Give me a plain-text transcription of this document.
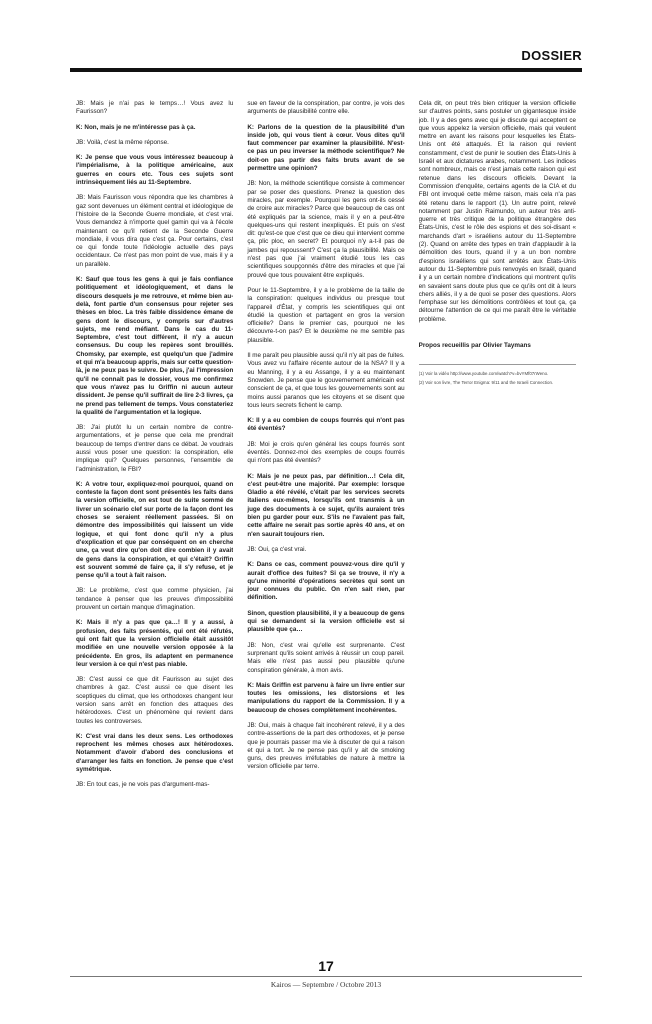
DOSSIER

JB: Mais je n'ai pas le temps…! Vous avez lu Faurisson?

K: Non, mais je ne m'intéresse pas à ça.

JB: Voilà, c'est la même réponse.

K: Je pense que vous vous intéressez beaucoup à l'impérialisme, à la politique américaine, aux guerres en cours etc. Tous ces sujets sont intrinsèquement liés au 11-Septembre.

JB: Mais Faurisson vous répondra que les chambres à gaz sont devenues un élément central et idéologique de l'histoire de la Seconde Guerre mondiale, et c'est vrai. Vous demandez à n'importe quel gamin qui va à l'école maintenant ce qu'il retient de la Seconde Guerre mondiale, il vous dira que c'est ça. Pour certains, c'est ce qui fonde toute l'idéologie actuelle des pays occidentaux. Ce n'est pas mon point de vue, mais il y a un parallèle.

K: Sauf que tous les gens à qui je fais confiance politiquement et idéologiquement, et dans le discours desquels je me retrouve, et même bien au-delà, font partie d'un consensus pour rejeter ses thèses en bloc. La très faible dissidence émane de gens dont le discours, y compris sur d'autres sujets, me rend méfiant. Dans le cas du 11-Septembre, c'est tout différent, il n'y a aucun consensus. Du coup les repères sont brouillés. Chomsky, par exemple, est quelqu'un que j'admire et qui m'a beaucoup appris, mais sur cette question-là, je ne peux pas le suivre. De plus, j'ai l'impression qu'il ne connaît pas le dossier, vous me confirmez que vous n'avez pas lu Griffin ni aucun auteur dissident. Je pense qu'il suffirait de lire 2-3 livres, ça ne prend pas tellement de temps. Vous constateriez la qualité de l'argumentation et la logique.

JB: J'ai plutôt lu un certain nombre de contre-argumentations, et je pense que cela me prendrait beaucoup de temps d'entrer dans ce débat. Je voudrais aussi vous poser une question: la conspiration, elle implique qui? Quelques personnes, l'ensemble de l'administration, le FBI?

K: A votre tour, expliquez-moi pourquoi, quand on conteste la façon dont sont présentés les faits dans la version officielle, on est tout de suite sommé de livrer un scénario clef sur porte de la façon dont les choses se seraient réellement passées. Si on démontre des impossibilités qui laissent un vide logique, et qui font donc qu'il n'y a plus d'explication et que par conséquent on en cherche une, ça veut dire qu'on doit dire combien il y avait de gens dans la conspiration, et qui c'était? Griffin est souvent sommé de faire ça, il s'y refuse, et je pense qu'il a tout à fait raison.

JB: Le problème, c'est que comme physicien, j'ai tendance à penser que les preuves d'impossibilité prouvent un certain manque d'imagination.

K: Mais il n'y a pas que ça…! Il y a aussi, à profusion, des faits présentés, qui ont été réfutés, qui ont fait que la version officielle était aussitôt modifiée en une nouvelle version opposée à la précédente. En gros, ils adaptent en permanence leur version à ce qui n'est pas niable.

JB: C'est aussi ce que dit Faurisson au sujet des chambres à gaz. C'est aussi ce que disent les sceptiques du climat, que les orthodoxes changent leur version sans arrêt en fonction des attaques des hétérodoxes. C'est un phénomène qui revient dans toutes les controverses.

K: C'est vrai dans les deux sens. Les orthodoxes reprochent les mêmes choses aux hétérodoxes. Notamment d'avoir d'abord des conclusions et d'arranger les faits en fonction. Je pense que c'est symétrique.

JB: En tout cas, je ne vois pas d'argument-mas-

sue en faveur de la conspiration, par contre, je vois des arguments de plausibilité contre elle.

K: Parlons de la question de la plausibilité d'un inside job, qui vous tient à cœur. Vous dites qu'il faut commencer par examiner la plausibilité. N'est-ce pas un peu inverser la méthode scientifique? Ne doit-on pas partir des faits bruts avant de se permettre une opinion?

JB: Non, la méthode scientifique consiste à commencer par se poser des questions. Prenez la question des miracles, par exemple. Pourquoi les gens ont-ils cessé de croire aux miracles? Parce que beaucoup de cas ont été expliqués par la science, mais il y en a peut-être quelques-uns qui restent inexpliqués. Et puis on s'est dit: qu'est-ce que c'est que ce dieu qui intervient comme ça, plic ploc, en secret? Et pourquoi n'y a-t-il pas de jambes qui repoussent? C'est ça la plausibilité. Mais ce n'est pas que j'ai vraiment étudié tous les cas scientifiques soupçonnés d'être des miracles et que j'ai prouvé que tous pouvaient être expliqués.

Pour le 11-Septembre, il y a le problème de la taille de la conspiration: quelques individus ou presque tout l'appareil d'État, y compris les scientifiques qui ont étudié la question et partagent en gros la version officielle? Dans le premier cas, pourquoi ne les découvre-t-on pas? Et le deuxième ne me semble pas plausible.

Il me paraît peu plausible aussi qu'il n'y ait pas de fuites. Vous avez vu l'affaire récente autour de la NSA? Il y a eu Manning, il y a eu Assange, il y a eu maintenant Snowden. Je pense que le gouvernement américain est conscient de ça, et que tous les gouvernements sont au moins aussi paranos que les citoyens et se disent que tous leurs secrets fichent le camp.

K: Il y a eu combien de coups fourrés qui n'ont pas été éventés?

JB: Moi je crois qu'en général les coups fourrés sont éventés. Donnez-moi des exemples de coups fourrés qui n'ont pas été éventés?

K: Mais je ne peux pas, par définition…! Cela dit, c'est peut-être une majorité. Par exemple: lorsque Gladio a été révélé, c'était par les services secrets italiens eux-mêmes, lorsqu'ils ont transmis à un juge des documents à ce sujet, qu'ils auraient très bien pu garder pour eux. S'ils ne l'avaient pas fait, cette affaire ne serait pas sortie après 40 ans, et on n'en saurait toujours rien.

JB: Oui, ça c'est vrai.

K: Dans ce cas, comment pouvez-vous dire qu'il y aurait d'office des fuites? Si ça se trouve, il n'y a qu'une minorité d'opérations secrètes qui sont un jour connues du public. On n'en sait rien, par définition.

Sinon, question plausibilité, il y a beaucoup de gens qui se demandent si la version officielle est si plausible que ça…

JB: Non, c'est vrai qu'elle est surprenante. C'est surprenant qu'ils soient arrivés à réussir un coup pareil. Mais elle n'est pas aussi peu plausible qu'une conspiration générale, à mon avis.

K: Mais Griffin est parvenu à faire un livre entier sur toutes les omissions, les distorsions et les manipulations du rapport de la Commission. Il y a beaucoup de choses complètement incohérentes.

JB: Oui, mais à chaque fait incohérent relevé, il y a des contre-assertions de la part des orthodoxes, et je pense que je pourrais passer ma vie à discuter de qui a raison et qui a tort. Je ne pense pas qu'il y ait de smoking guns, des preuves irréfutables de nature à mettre la version officielle par terre.

Cela dit, on peut très bien critiquer la version officielle sur d'autres points, sans postuler un gigantesque inside job. Il y a des gens avec qui je discute qui acceptent ce que vous appelez la version officielle, mais qui veulent mettre en avant les raisons pour lesquelles les États-Unis ont été attaqués. Et la raison qui revient constamment, c'est de punir le soutien des États-Unis à Israël et aux dictatures arabes, notamment. Les indices sont nombreux, mais ce n'est jamais cette raison qui est retenue dans les discours officiels. Devant la Commission d'enquête, certains agents de la CIA et du FBI ont invoqué cette même raison, mais cela n'a pas été retenu dans le rapport (1). Un autre point, relevé notamment par Justin Raimundo, un auteur très anti-guerre et très critique de la politique étrangère des États-Unis, c'est le rôle des espions et des soi-disant « marchands d'art » israéliens autour du 11-Septembre (2). Quand on arrête des types en train d'applaudir à la démolition des tours, quand il y a un bon nombre d'espions israéliens qui sont arrêtés aux États-Unis autour du 11-Septembre puis renvoyés en Israël, quand il y a un certain nombre d'indications qui montrent qu'ils en savaient sans doute plus que ce qu'ils ont dit à leurs chers alliés, il y a de quoi se poser des questions. Alors l'emphase sur les démolitions contrôlées et tout ça, ça détourne l'attention de ce qui me paraît être le véritable problème.

Propos recueillis par Olivier Taymans

(1) Voir la vidéo http://www.youtube.com/watch?v=bvYMf07rWeno.

(2) Voir son livre, The Terror Enigma: 9/11 and the Israeli Connection.

17
Kairos — Septembre / Octobre 2013
